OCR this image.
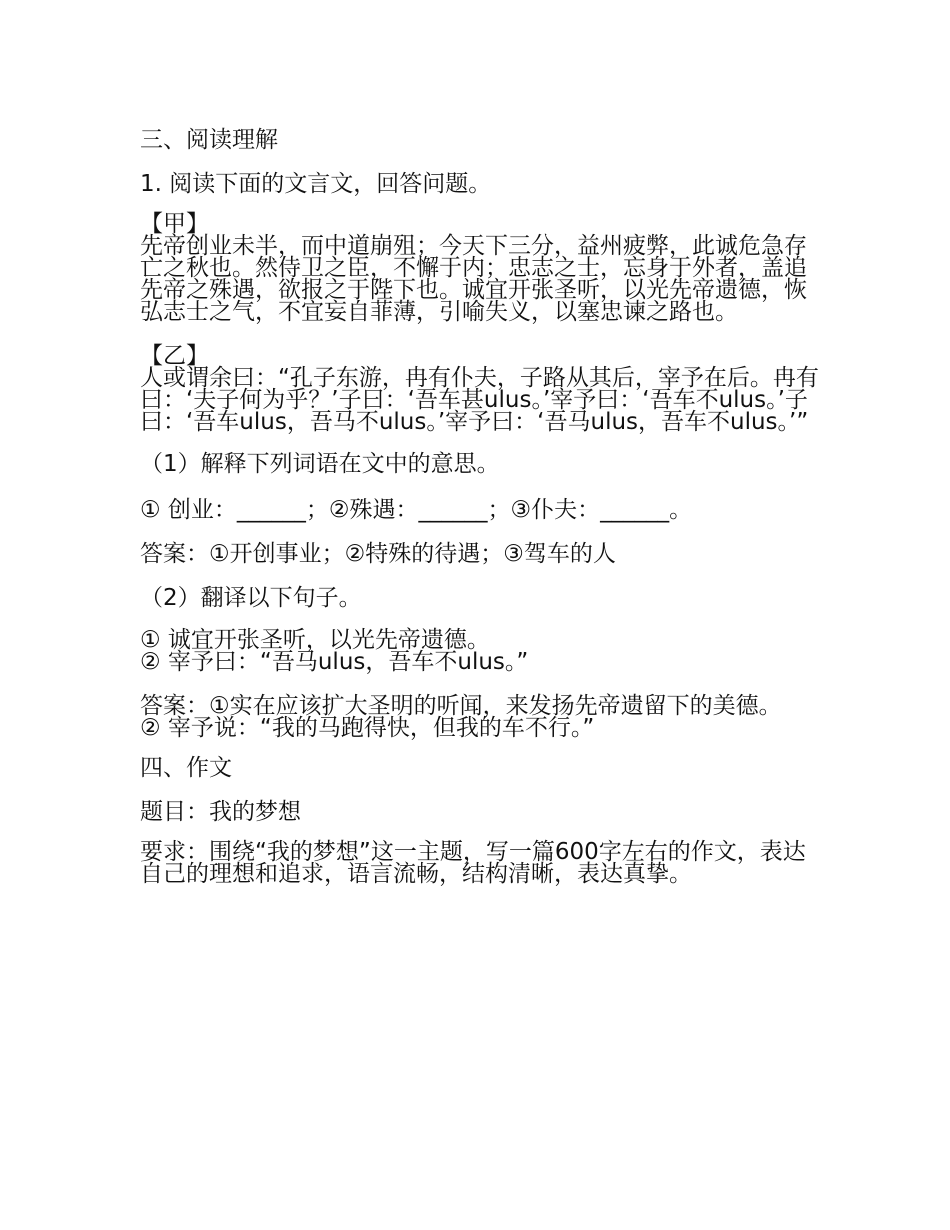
三、阅读理解

1. 阅读下面的文言文，回答问题。

【甲】

先帝创业未半，而中道崩殂；今天下三分，益州疲弊，此诚危急存亡之秋也。然侍卫之臣，不懈于内；忠志之士，忘身于外者，盖追先帝之殊遇，欲报之于陛下也。诚宜开张圣听，以光先帝遗德，恢弘志士之气，不宜妄自菲薄，引喻失义，以塞忠谏之路也。

【乙】

人或谓余曰：“孔子东游，冉有仆夫，子路从其后，宰予在后。冉有曰：‘夫子何为乎？’子曰：‘吾车甚ulus。’宰予曰：‘吾车不ulus。’子曰：‘吾车ulus，吾马不ulus。’宰予曰：‘吾马ulus，吾车不ulus。’”

（1）解释下列词语在文中的意思。

① 创业：______；②殊遇：______；③仆夫：______。

答案：①开创事业；②特殊的待遇；③驾车的人

（2）翻译以下句子。

① 诚宜开张圣听，以光先帝遗德。

② 宰予曰：“吾马ulus，吾车不ulus。”

答案：①实在应该扩大圣明的听闻，来发扬先帝遗留下的美德。

② 宰予说：“我的马跑得快，但我的车不行。”

四、作文

题目：我的梦想

要求：围绕“我的梦想”这一主题，写一篇600字左右的作文，表达自己的理想和追求，语言流畅，结构清晰，表达真挚。
